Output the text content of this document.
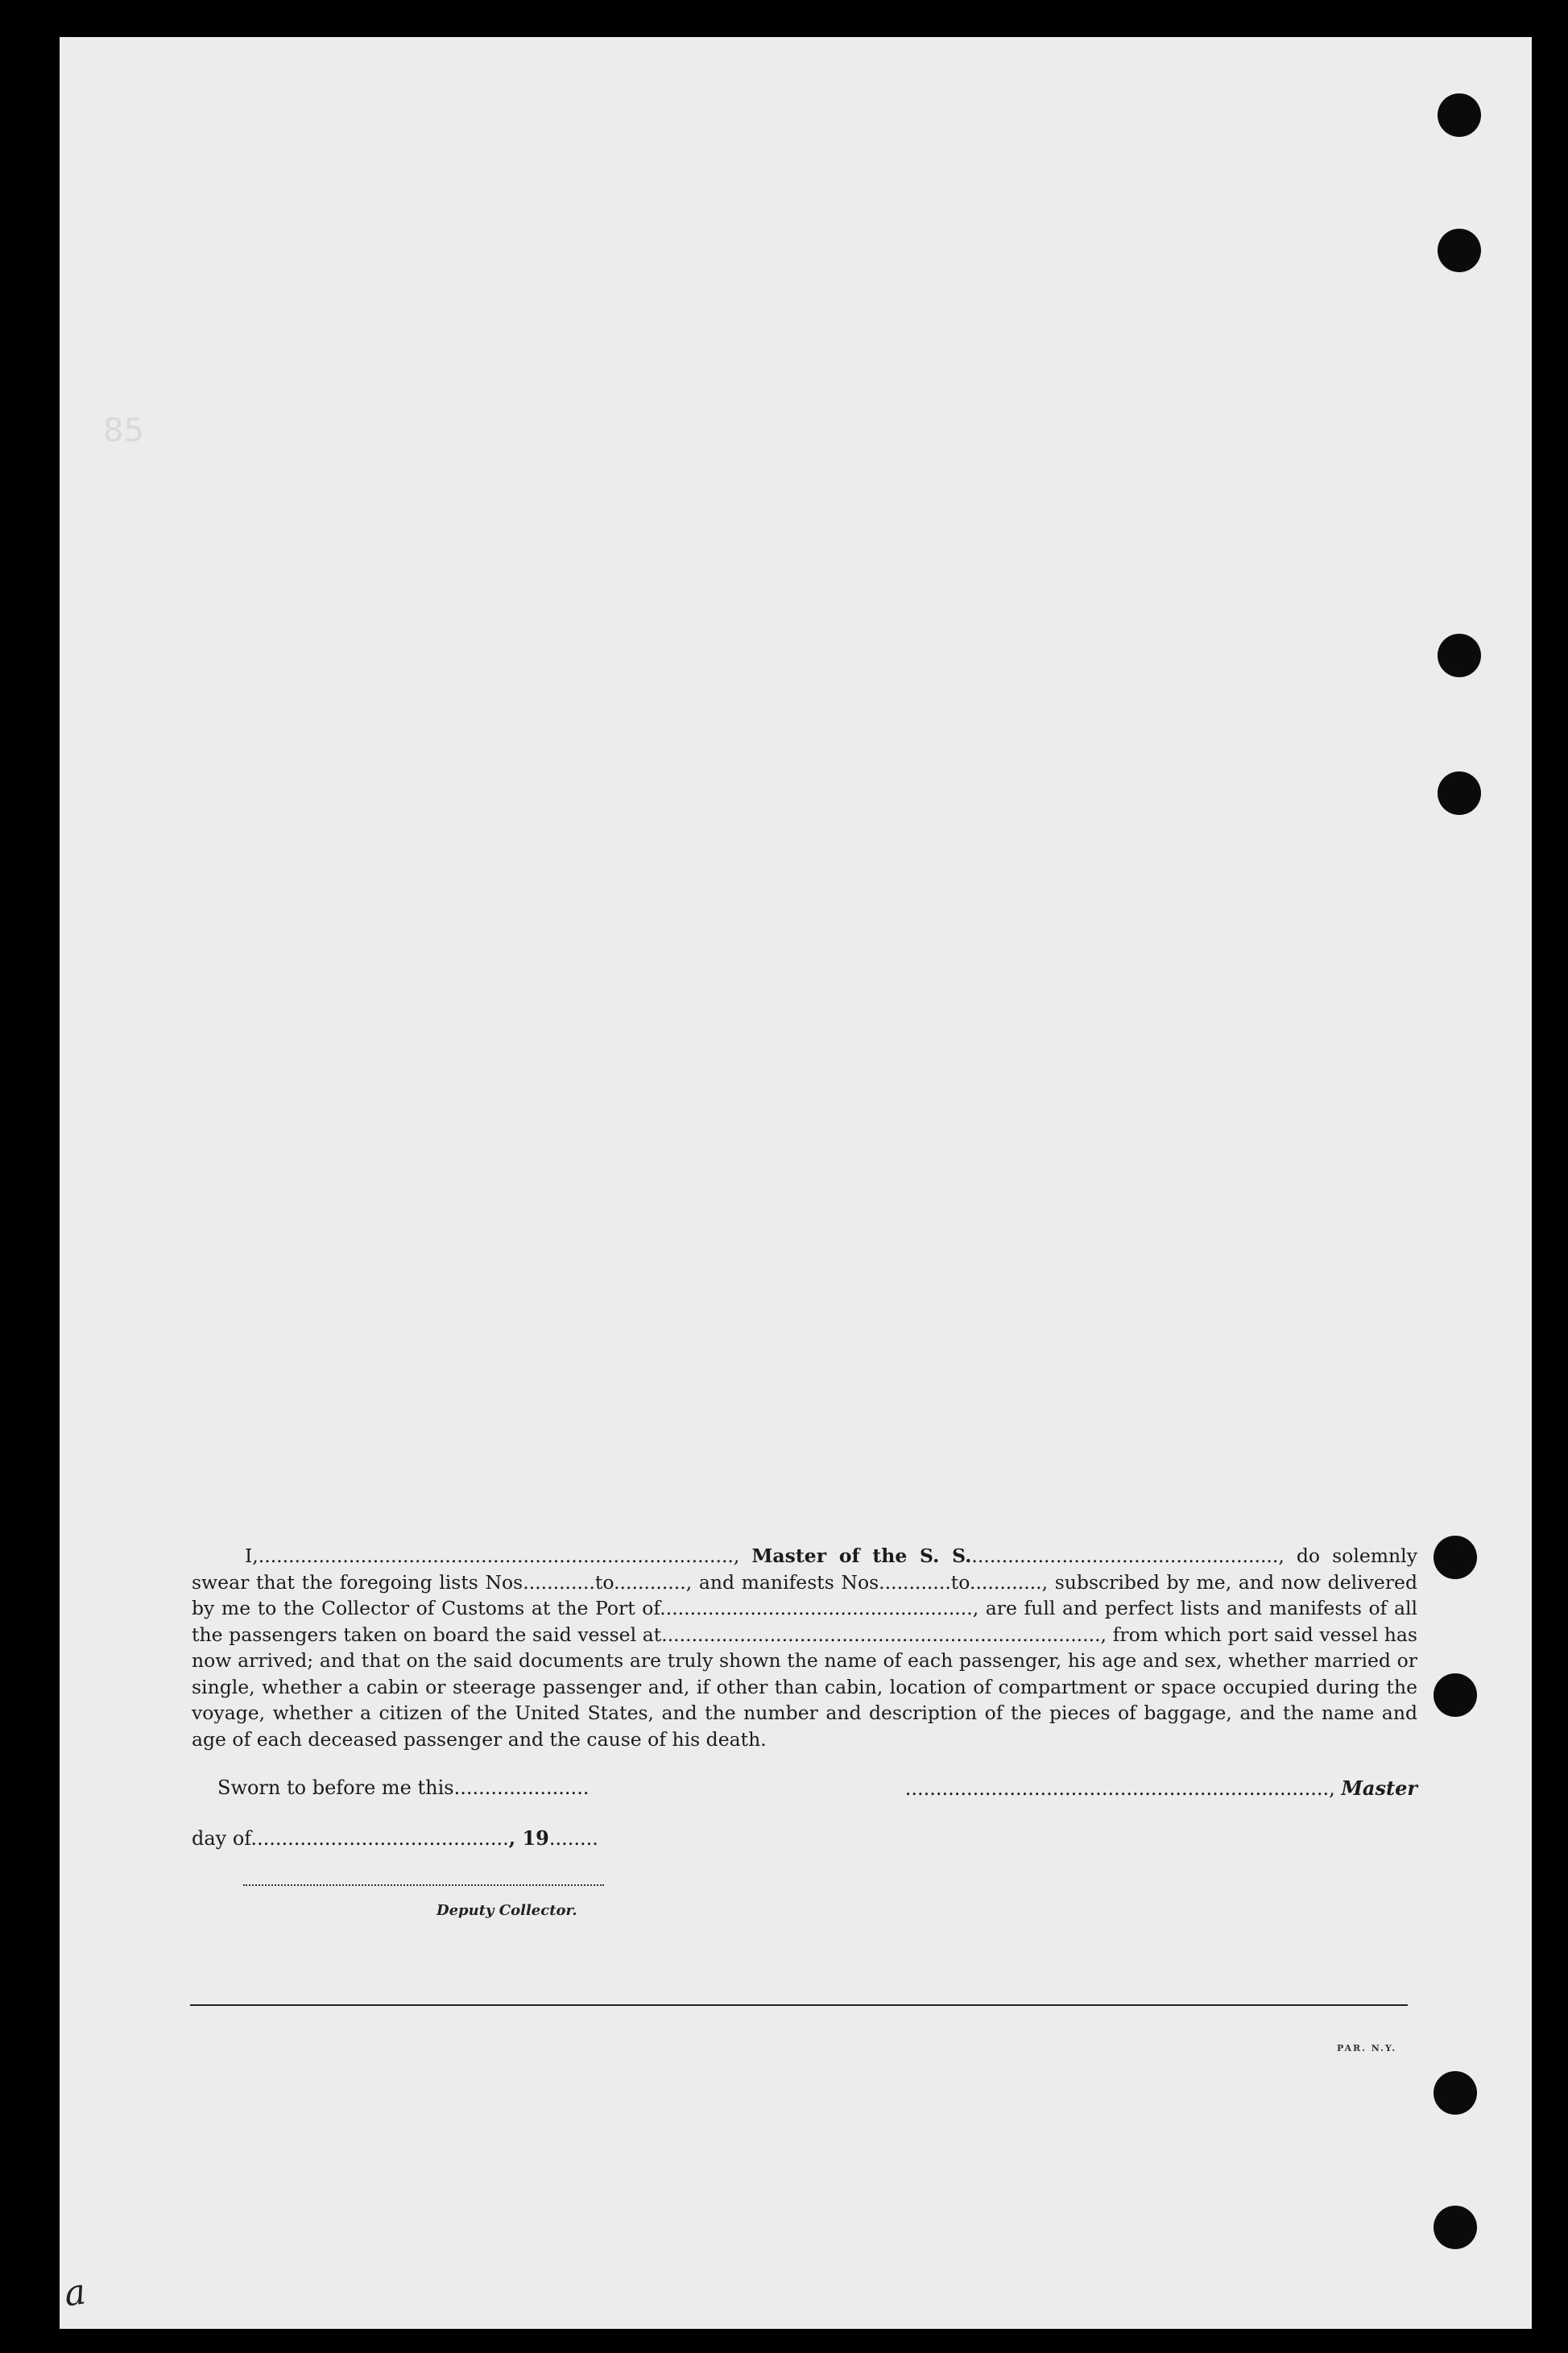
85

I,..............................................................................., Master of the S. S...................................................., do solemnly swear that the foregoing lists Nos............to............, and manifests Nos............to............, subscribed by me, and now delivered by me to the Collector of Customs at the Port of...................................................., are full and perfect lists and manifests of all the passengers taken on board the said vessel at........................................................................., from which port said vessel has now arrived; and that on the said documents are truly shown the name of each passenger, his age and sex, whether married or single, whether a cabin or steerage passenger and, if other than cabin, location of compartment or space occupied during the voyage, whether a citizen of the United States, and the number and description of the pieces of baggage, and the name and age of each deceased passenger and the cause of his death.

Sworn to before me this......................	....................................................................., Master
day of.........................................., 19........
Deputy Collector.
PAR. N.Y.
a
